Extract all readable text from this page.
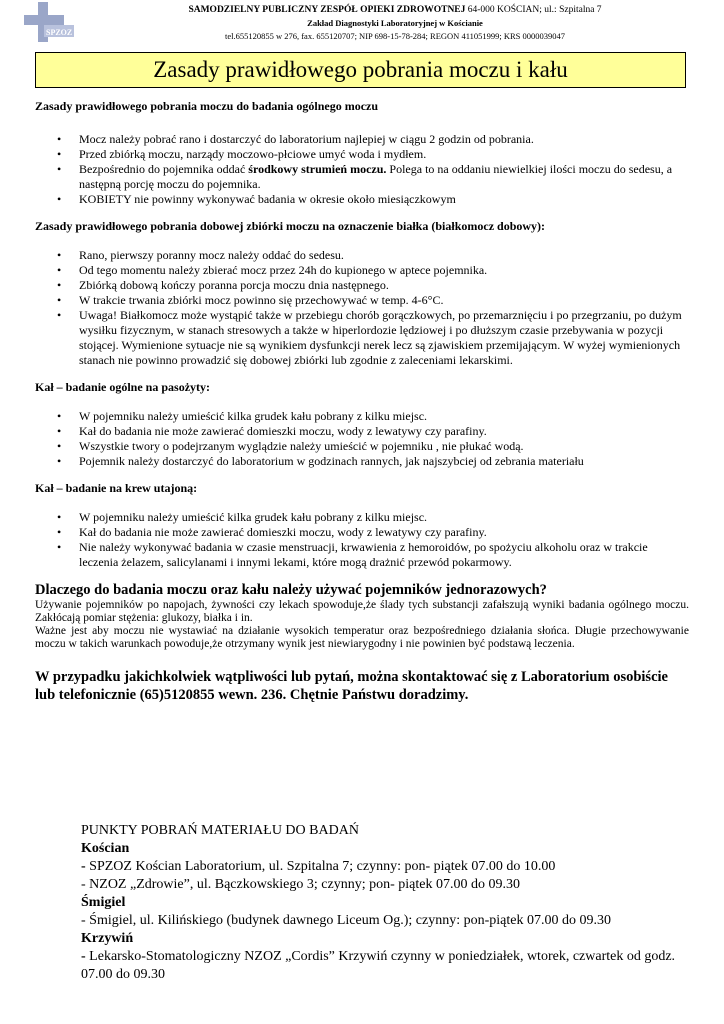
SPZOZ
SAMODZIELNY PUBLICZNY ZESPÓŁ OPIEKI ZDROWOTNEJ 64-000 KOŚCIAN; ul.: Szpitalna 7
Zakład Diagnostyki Laboratoryjnej w Kościanie
tel.655120855 w 276, fax. 655120707; NIP 698-15-78-284; REGON 411051999; KRS 0000039047
Zasady prawidłowego pobrania moczu i kału
Zasady prawidłowego pobrania moczu do badania ogólnego moczu
• Mocz należy pobrać rano i dostarczyć do laboratorium najlepiej w ciągu 2 godzin od pobrania.
• Przed zbiórką moczu, narządy moczowo-płciowe umyć woda i mydłem.
• Bezpośrednio do pojemnika oddać środkowy strumień moczu. Polega to na oddaniu niewielkiej ilości moczu do sedesu, a następną porcję moczu do pojemnika.
• KOBIETY nie powinny wykonywać badania w okresie około miesiączkowym
Zasady prawidłowego pobrania dobowej zbiórki moczu na oznaczenie białka (białkomocz dobowy):
• Rano, pierwszy poranny mocz należy oddać do sedesu.
• Od tego momentu należy zbierać mocz przez 24h do kupionego w aptece pojemnika.
• Zbiórką dobową kończy poranna porcja moczu dnia następnego.
• W trakcie trwania zbiórki mocz powinno się przechowywać w temp. 4-6°C.
• Uwaga! Białkomocz może wystąpić także w przebiegu chorób gorączkowych, po przemarznięciu i po przegrzaniu, po dużym wysiłku fizycznym, w stanach stresowych a także w hiperlordozie lędziowej i po dłuższym czasie przebywania w pozycji stojącej. Wymienione sytuacje nie są wynikiem dysfunkcji nerek lecz są zjawiskiem przemijającym. W wyżej wymienionych stanach nie powinno prowadzić się dobowej zbiórki lub zgodnie z zaleceniami lekarskimi.
Kał – badanie ogólne na pasożyty:
• W pojemniku należy umieścić kilka grudek kału pobrany z kilku miejsc.
• Kał do badania nie może zawierać domieszki moczu, wody z lewatywy czy parafiny.
• Wszystkie twory o podejrzanym wyglądzie należy umieścić w pojemniku , nie płukać wodą.
• Pojemnik należy dostarczyć do laboratorium w godzinach rannych, jak najszybciej od zebrania materiału
Kał – badanie na krew utajoną:
• W pojemniku należy umieścić kilka grudek kału pobrany z kilku miejsc.
• Kał do badania nie może zawierać domieszki moczu, wody z lewatywy czy parafiny.
• Nie należy wykonywać badania w czasie menstruacji, krwawienia z hemoroidów, po spożyciu alkoholu oraz w trakcie leczenia żelazem, salicylanami i innymi lekami, które mogą drażnić przewód pokarmowy.

Dlaczego do badania moczu oraz kału należy używać pojemników jednorazowych?

Używanie pojemników po napojach, żywności czy lekach spowoduje,że ślady tych substancji zafałszują wyniki badania ogólnego moczu. Zakłócają pomiar stężenia: glukozy, białka i in.

Ważne jest aby moczu nie wystawiać na działanie wysokich temperatur oraz bezpośredniego działania słońca. Długie przechowywanie moczu w takich warunkach powoduje,że otrzymany wynik jest niewiarygodny i nie powinien być podstawą leczenia.

W przypadku jakichkolwiek wątpliwości lub pytań, można skontaktować się z Laboratorium osobiście lub telefonicznie (65)5120855 wewn. 236. Chętnie Państwu doradzimy.

PUNKTY POBRAŃ MATERIAŁU DO BADAŃ
Kościan
- SPZOZ Kościan Laboratorium, ul. Szpitalna 7; czynny: pon- piątek 07.00 do 10.00
- NZOZ „Zdrowie”, ul. Bączkowskiego 3; czynny; pon- piątek 07.00 do 09.30
Śmigiel
- Śmigiel, ul. Kilińskiego (budynek dawnego Liceum Og.); czynny: pon-piątek 07.00 do 09.30
Krzywiń
- Lekarsko-Stomatologiczny NZOZ „Cordis” Krzywiń czynny w poniedziałek, wtorek, czwartek od godz. 07.00 do 09.30
